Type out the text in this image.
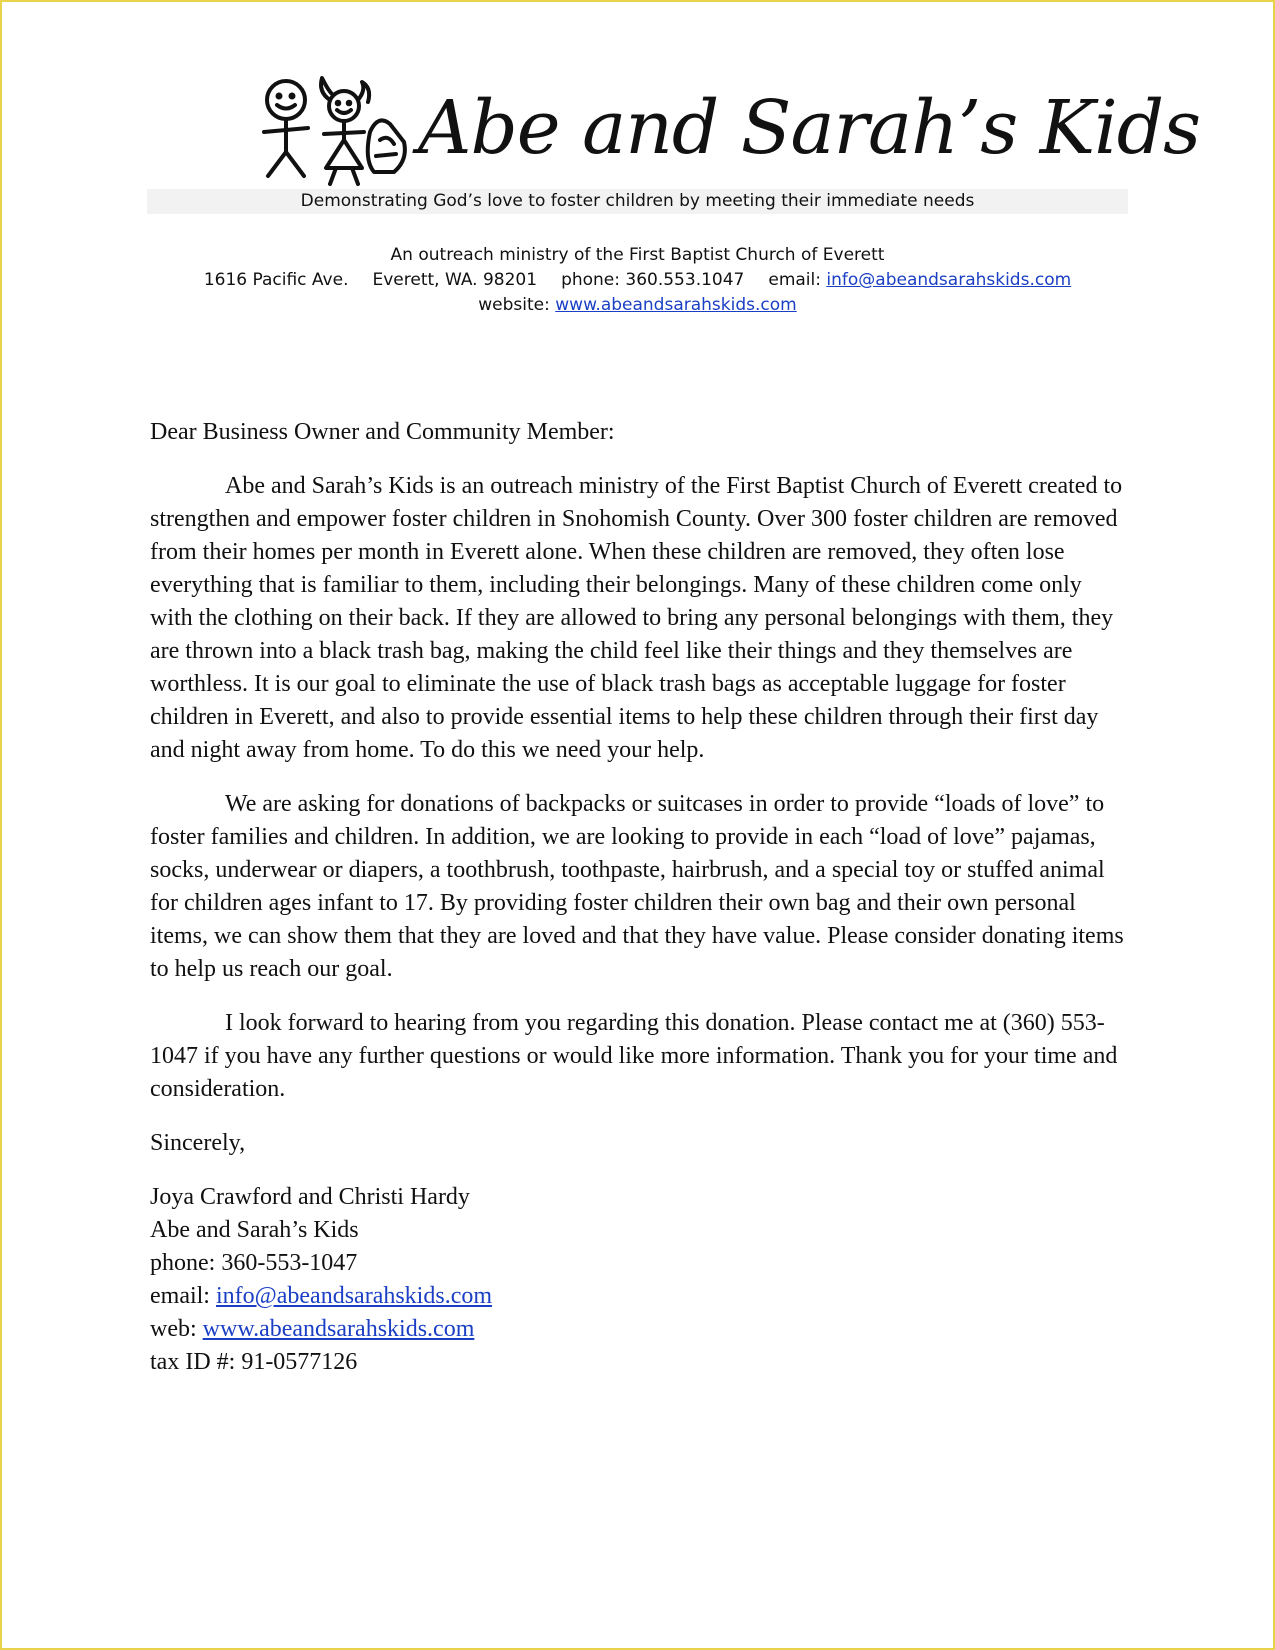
Abe and Sarah’s Kids
Demonstrating God’s love to foster children by meeting their immediate needs
An outreach ministry of the First Baptist Church of Everett
1616 Pacific Ave. Everett, WA. 98201 phone: 360.553.1047 email: info@abeandsarahskids.com
website: www.abeandsarahskids.com

Dear Business Owner and Community Member:

Abe and Sarah’s Kids is an outreach ministry of the First Baptist Church of Everett created to strengthen and empower foster children in Snohomish County. Over 300 foster children are removed from their homes per month in Everett alone. When these children are removed, they often lose everything that is familiar to them, including their belongings. Many of these children come only with the clothing on their back. If they are allowed to bring any personal belongings with them, they are thrown into a black trash bag, making the child feel like their things and they themselves are worthless. It is our goal to eliminate the use of black trash bags as acceptable luggage for foster children in Everett, and also to provide essential items to help these children through their first day and night away from home. To do this we need your help.

We are asking for donations of backpacks or suitcases in order to provide “loads of love” to foster families and children. In addition, we are looking to provide in each “load of love” pajamas, socks, underwear or diapers, a toothbrush, toothpaste, hairbrush, and a special toy or stuffed animal for children ages infant to 17. By providing foster children their own bag and their own personal items, we can show them that they are loved and that they have value. Please consider donating items to help us reach our goal.

I look forward to hearing from you regarding this donation. Please contact me at (360) 553-1047 if you have any further questions or would like more information. Thank you for your time and consideration.

Sincerely,

Joya Crawford and Christi Hardy
Abe and Sarah’s Kids
phone: 360-553-1047
email: info@abeandsarahskids.com
web: www.abeandsarahskids.com
tax ID #: 91-0577126
